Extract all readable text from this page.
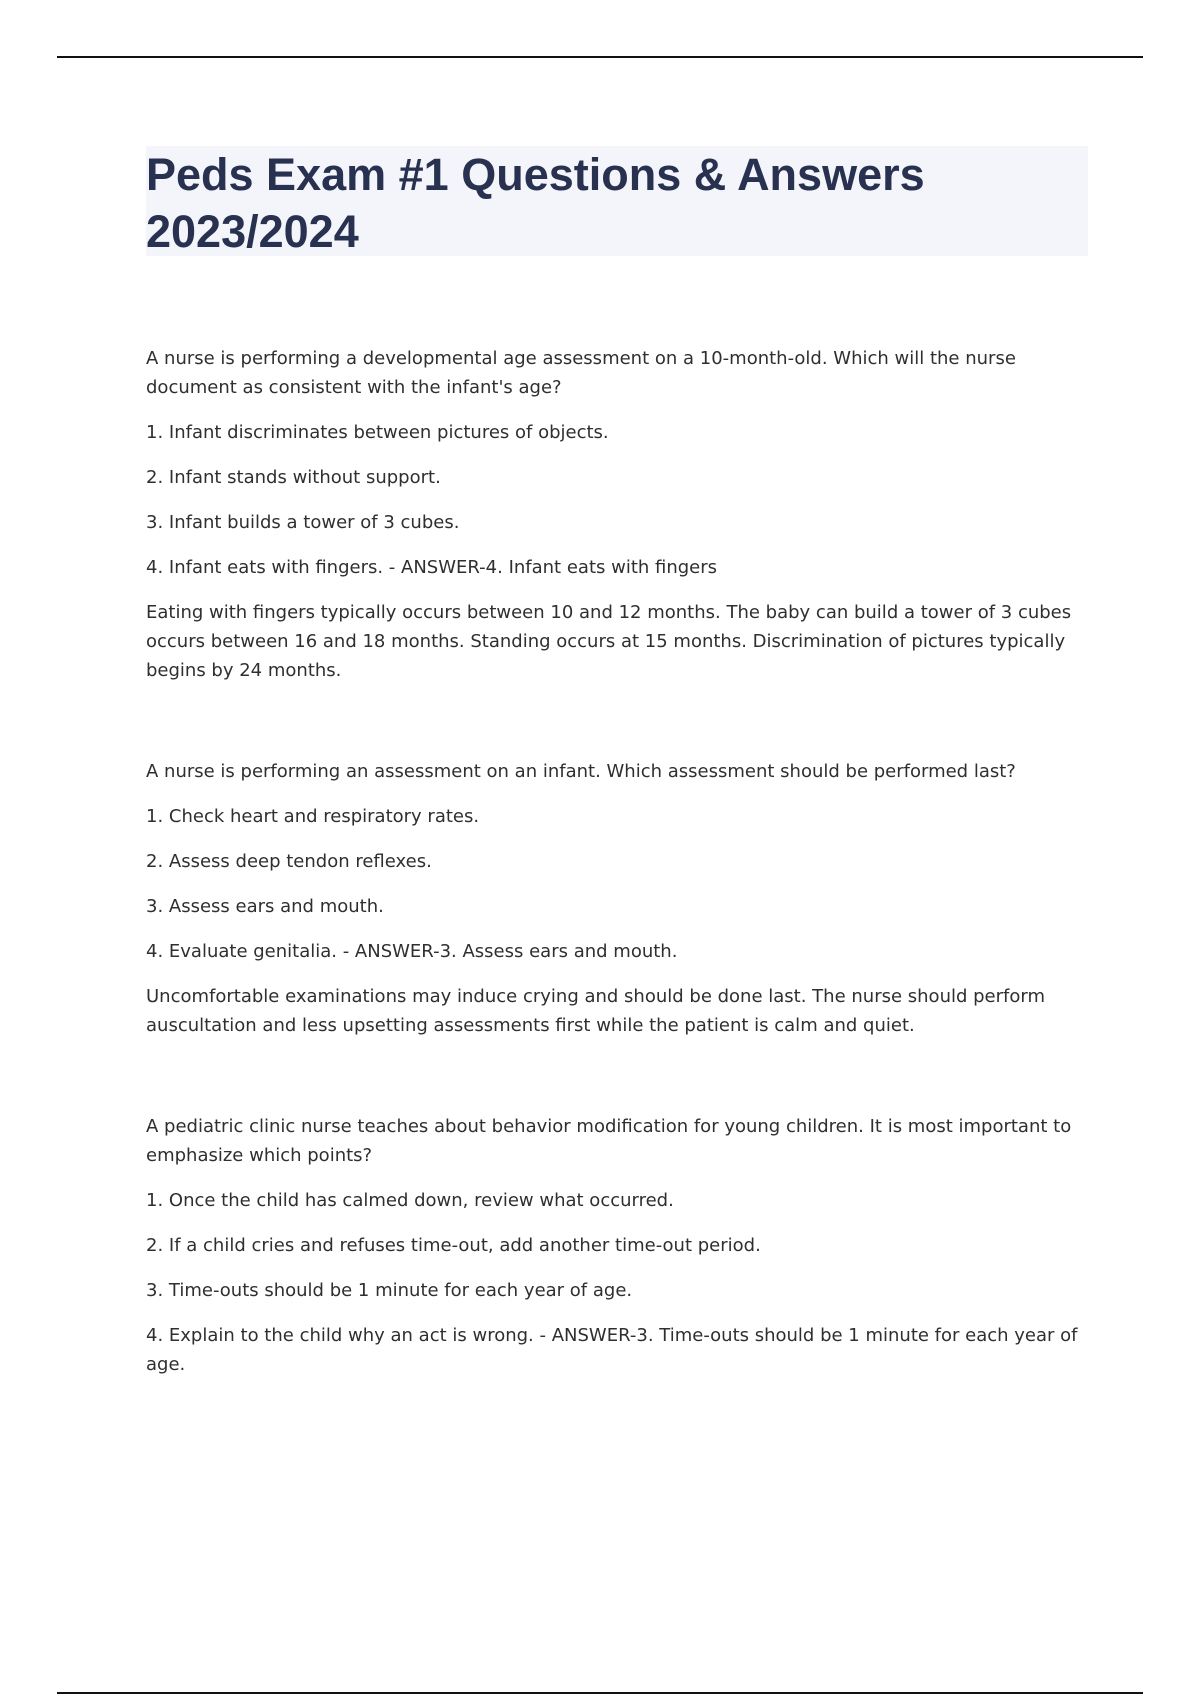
Peds Exam #1 Questions & Answers 2023/2024

A nurse is performing a developmental age assessment on a 10-month-old. Which will the nurse document as consistent with the infant's age?

1. Infant discriminates between pictures of objects.

2. Infant stands without support.

3. Infant builds a tower of 3 cubes.

4. Infant eats with fingers. - ANSWER-4. Infant eats with fingers

Eating with fingers typically occurs between 10 and 12 months. The baby can build a tower of 3 cubes occurs between 16 and 18 months. Standing occurs at 15 months. Discrimination of pictures typically begins by 24 months.

A nurse is performing an assessment on an infant. Which assessment should be performed last?

1. Check heart and respiratory rates.

2. Assess deep tendon reflexes.

3. Assess ears and mouth.

4. Evaluate genitalia. - ANSWER-3. Assess ears and mouth.

Uncomfortable examinations may induce crying and should be done last. The nurse should perform auscultation and less upsetting assessments first while the patient is calm and quiet.

A pediatric clinic nurse teaches about behavior modification for young children. It is most important to emphasize which points?

1. Once the child has calmed down, review what occurred.

2. If a child cries and refuses time-out, add another time-out period.

3. Time-outs should be 1 minute for each year of age.

4. Explain to the child why an act is wrong. - ANSWER-3. Time-outs should be 1 minute for each year of age.
